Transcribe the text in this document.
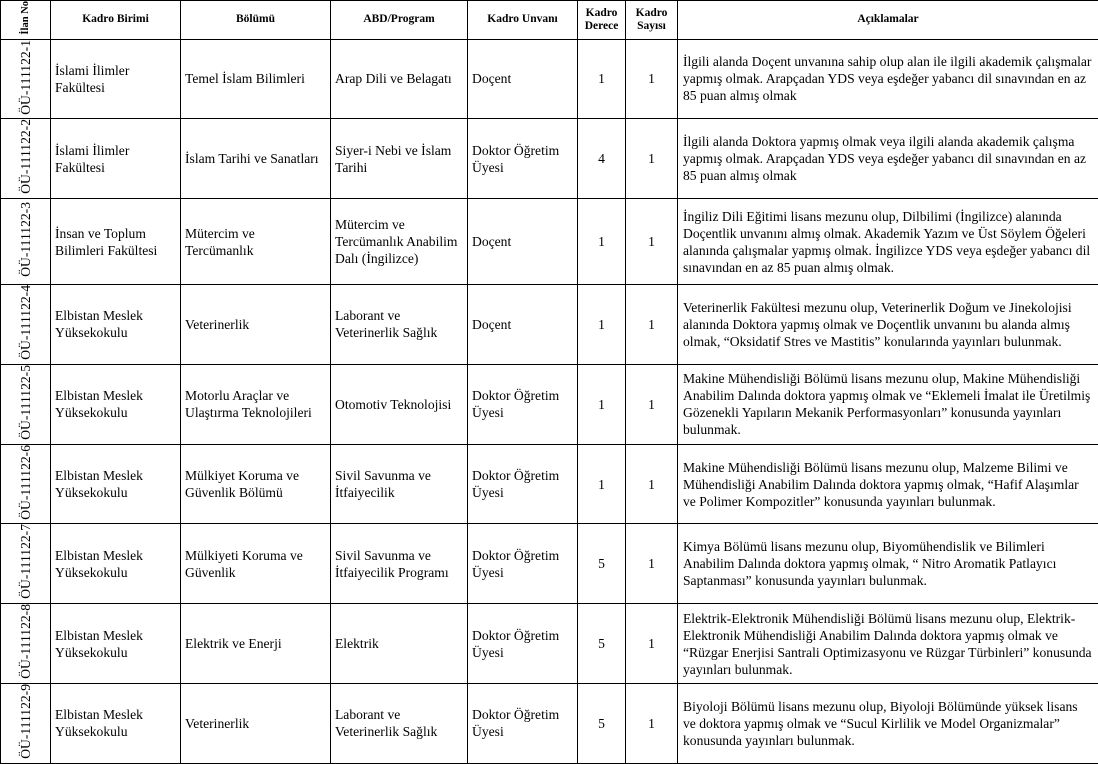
İlan No	Kadro Birimi	Bölümü	ABD/Program	Kadro Unvanı	Kadro Derece	Kadro Sayısı	Açıklamalar
ÖÜ-111122-1	İslami İlimler Fakültesi	Temel İslam Bilimleri	Arap Dili ve Belagatı	Doçent	1	1	İlgili alanda Doçent unvanına sahip olup alan ile ilgili akademik çalışmalar yapmış olmak. Arapçadan YDS veya eşdeğer yabancı dil sınavından en az 85 puan almış olmak
ÖÜ-111122-2	İslami İlimler Fakültesi	İslam Tarihi ve Sanatları	Siyer-i Nebi ve İslam Tarihi	Doktor Öğretim Üyesi	4	1	İlgili alanda Doktora yapmış olmak veya ilgili alanda akademik çalışma yapmış olmak. Arapçadan YDS veya eşdeğer yabancı dil sınavından en az 85 puan almış olmak
ÖÜ-111122-3	İnsan ve Toplum Bilimleri Fakültesi	Mütercim ve Tercümanlık	Mütercim ve Tercümanlık Anabilim Dalı (İngilizce)	Doçent	1	1	İngiliz Dili Eğitimi lisans mezunu olup, Dilbilimi (İngilizce) alanında Doçentlik unvanını almış olmak. Akademik Yazım ve Üst Söylem Öğeleri alanında çalışmalar yapmış olmak. İngilizce YDS veya eşdeğer yabancı dil sınavından en az 85 puan almış olmak.
ÖÜ-111122-4	Elbistan Meslek Yüksekokulu	Veterinerlik	Laborant ve Veterinerlik Sağlık	Doçent	1	1	Veterinerlik Fakültesi mezunu olup, Veterinerlik Doğum ve Jinekolojisi alanında Doktora yapmış olmak ve Doçentlik unvanını bu alanda almış olmak, “Oksidatif Stres ve Mastitis” konularında yayınları bulunmak.
ÖÜ-111122-5	Elbistan Meslek Yüksekokulu	Motorlu Araçlar ve Ulaştırma Teknolojileri	Otomotiv Teknolojisi	Doktor Öğretim Üyesi	1	1	Makine Mühendisliği Bölümü lisans mezunu olup, Makine Mühendisliği Anabilim Dalında doktora yapmış olmak ve “Eklemeli İmalat ile Üretilmiş Gözenekli Yapıların Mekanik Performasyonları” konusunda yayınları bulunmak.
ÖÜ-111122-6	Elbistan Meslek Yüksekokulu	Mülkiyet Koruma ve Güvenlik Bölümü	Sivil Savunma ve İtfaiyecilik	Doktor Öğretim Üyesi	1	1	Makine Mühendisliği Bölümü lisans mezunu olup, Malzeme Bilimi ve Mühendisliği Anabilim Dalında doktora yapmış olmak, “Hafif Alaşımlar ve Polimer Kompozitler” konusunda yayınları bulunmak.
ÖÜ-111122-7	Elbistan Meslek Yüksekokulu	Mülkiyeti Koruma ve Güvenlik	Sivil Savunma ve İtfaiyecilik Programı	Doktor Öğretim Üyesi	5	1	Kimya Bölümü lisans mezunu olup, Biyomühendislik ve Bilimleri Anabilim Dalında doktora yapmış olmak, “ Nitro Aromatik Patlayıcı Saptanması” konusunda yayınları bulunmak.
ÖÜ-111122-8	Elbistan Meslek Yüksekokulu	Elektrik ve Enerji	Elektrik	Doktor Öğretim Üyesi	5	1	Elektrik-Elektronik Mühendisliği Bölümü lisans mezunu olup, Elektrik-Elektronik Mühendisliği Anabilim Dalında doktora yapmış olmak ve “Rüzgar Enerjisi Santrali Optimizasyonu ve Rüzgar Türbinleri” konusunda yayınları bulunmak.
ÖÜ-111122-9	Elbistan Meslek Yüksekokulu	Veterinerlik	Laborant ve Veterinerlik Sağlık	Doktor Öğretim Üyesi	5	1	Biyoloji Bölümü lisans mezunu olup, Biyoloji Bölümünde yüksek lisans ve doktora yapmış olmak ve “Sucul Kirlilik ve Model Organizmalar” konusunda yayınları bulunmak.
